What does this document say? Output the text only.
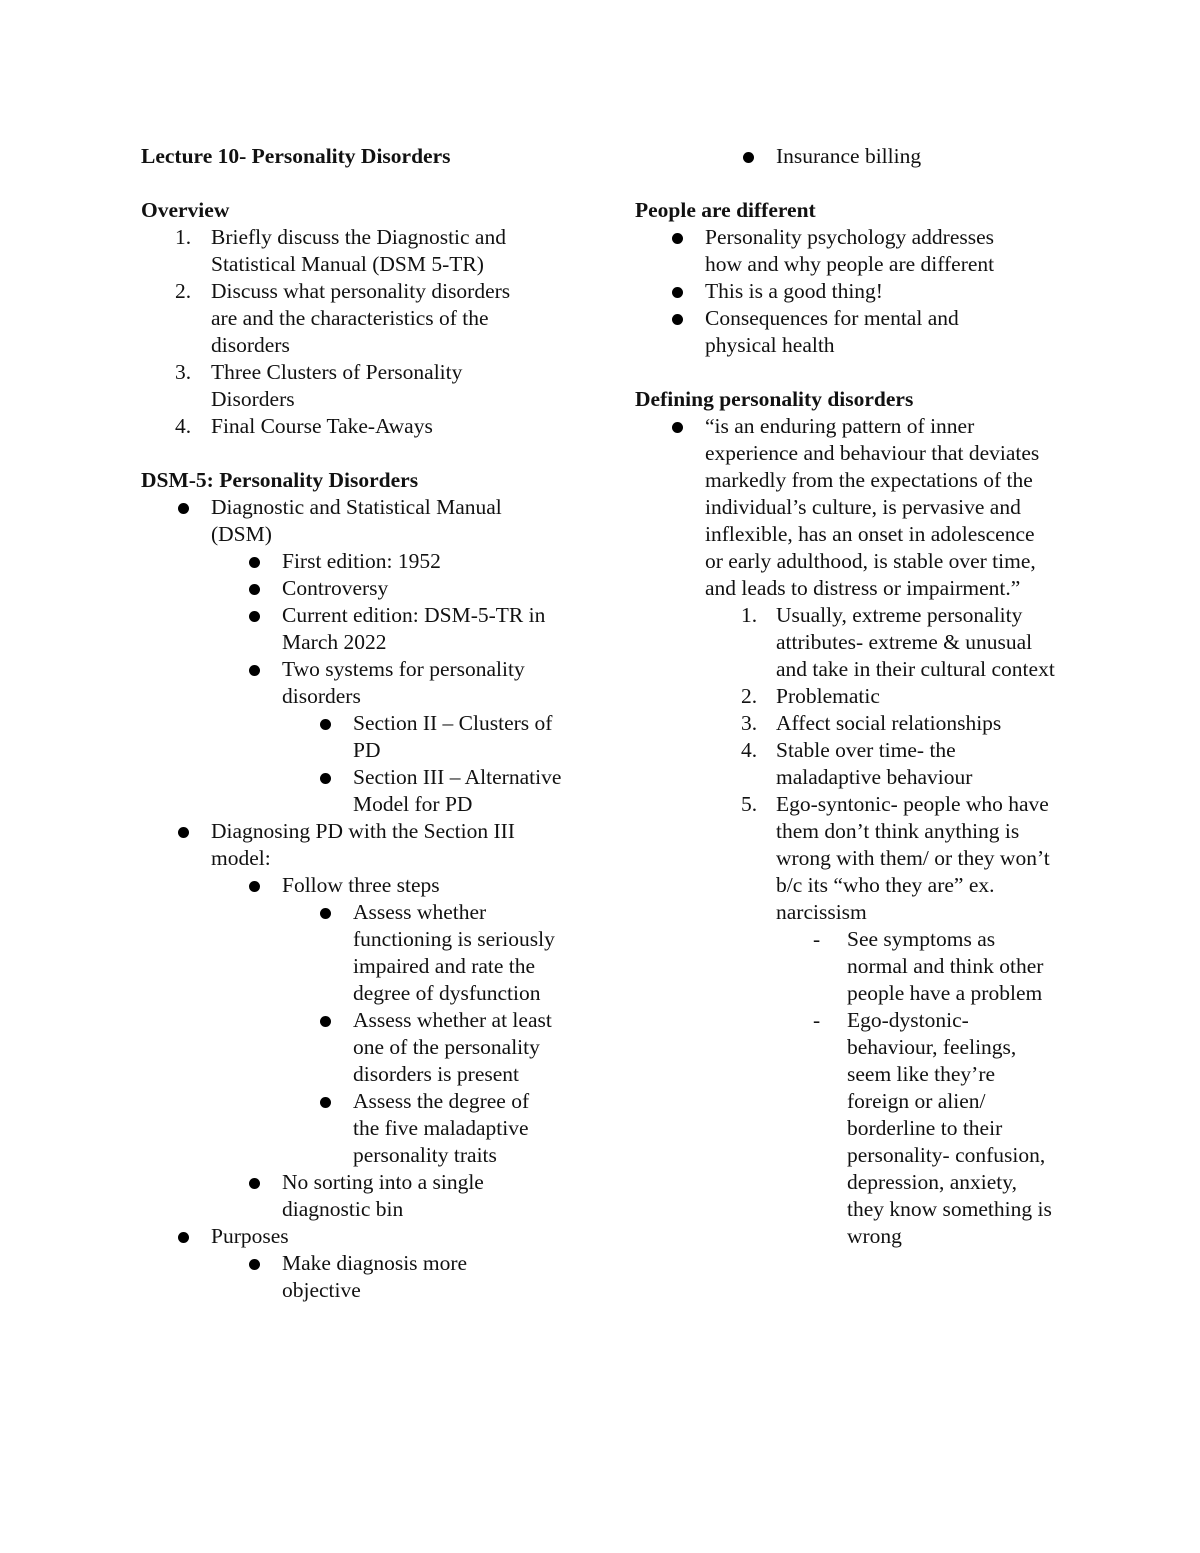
Lecture 10- Personality Disorders
Overview
1. Briefly discuss the Diagnostic and Statistical Manual (DSM 5-TR)
2. Discuss what personality disorders are and the characteristics of the disorders
3. Three Clusters of Personality Disorders
4. Final Course Take-Aways
DSM-5: Personality Disorders
Diagnostic and Statistical Manual (DSM)
First edition: 1952
Controversy
Current edition: DSM-5-TR in March 2022
Two systems for personality disorders
Section II – Clusters of PD
Section III – Alternative Model for PD
Diagnosing PD with the Section III model:
Follow three steps
Assess whether functioning is seriously impaired and rate the degree of dysfunction
Assess whether at least one of the personality disorders is present
Assess the degree of the five maladaptive personality traits
No sorting into a single diagnostic bin
Purposes
Make diagnosis more objective
Insurance billing
People are different
Personality psychology addresses how and why people are different
This is a good thing!
Consequences for mental and physical health
Defining personality disorders
“is an enduring pattern of inner experience and behaviour that deviates markedly from the expectations of the individual’s culture, is pervasive and inflexible, has an onset in adolescence or early adulthood, is stable over time, and leads to distress or impairment.”
1. Usually, extreme personality attributes- extreme & unusual and take in their cultural context
2. Problematic
3. Affect social relationships
4. Stable over time- the maladaptive behaviour
5. Ego-syntonic- people who have them don’t think anything is wrong with them/ or they won’t b/c its “who they are” ex. narcissism
- See symptoms as normal and think other people have a problem
- Ego-dystonic- behaviour, feelings, seem like they’re foreign or alien/ borderline to their personality- confusion, depression, anxiety, they know something is wrong
